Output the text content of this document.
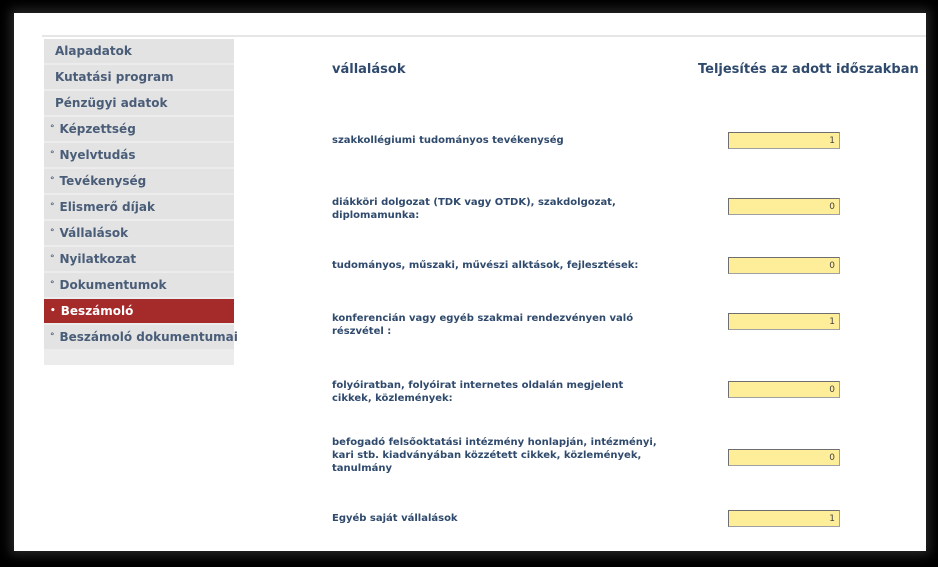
Alapadatok
Kutatási program
Pénzügyi adatok
° Képzettség
° Nyelvtudás
° Tevékenység
° Elismerő díjak
° Vállalások
° Nyilatkozat
° Dokumentumok
• Beszámoló
° Beszámoló dokumentumai
vállalások	Teljesítés az adott időszakban
szakkollégiumi tudományos tevékenység
1
diákköri dolgozat (TDK vagy OTDK), szakdolgozat, diplomamunka:
0
tudományos, műszaki, művészi alktások, fejlesztések:
0
konferencián vagy egyéb szakmai rendezvényen való részvétel :
1
folyóiratban, folyóirat internetes oldalán megjelent cikkek, közlemények:
0
befogadó felsőoktatási intézmény honlapján, intézményi, kari stb. kiadványában közzétett cikkek, közlemények, tanulmány
0
Egyéb saját vállalások
1
